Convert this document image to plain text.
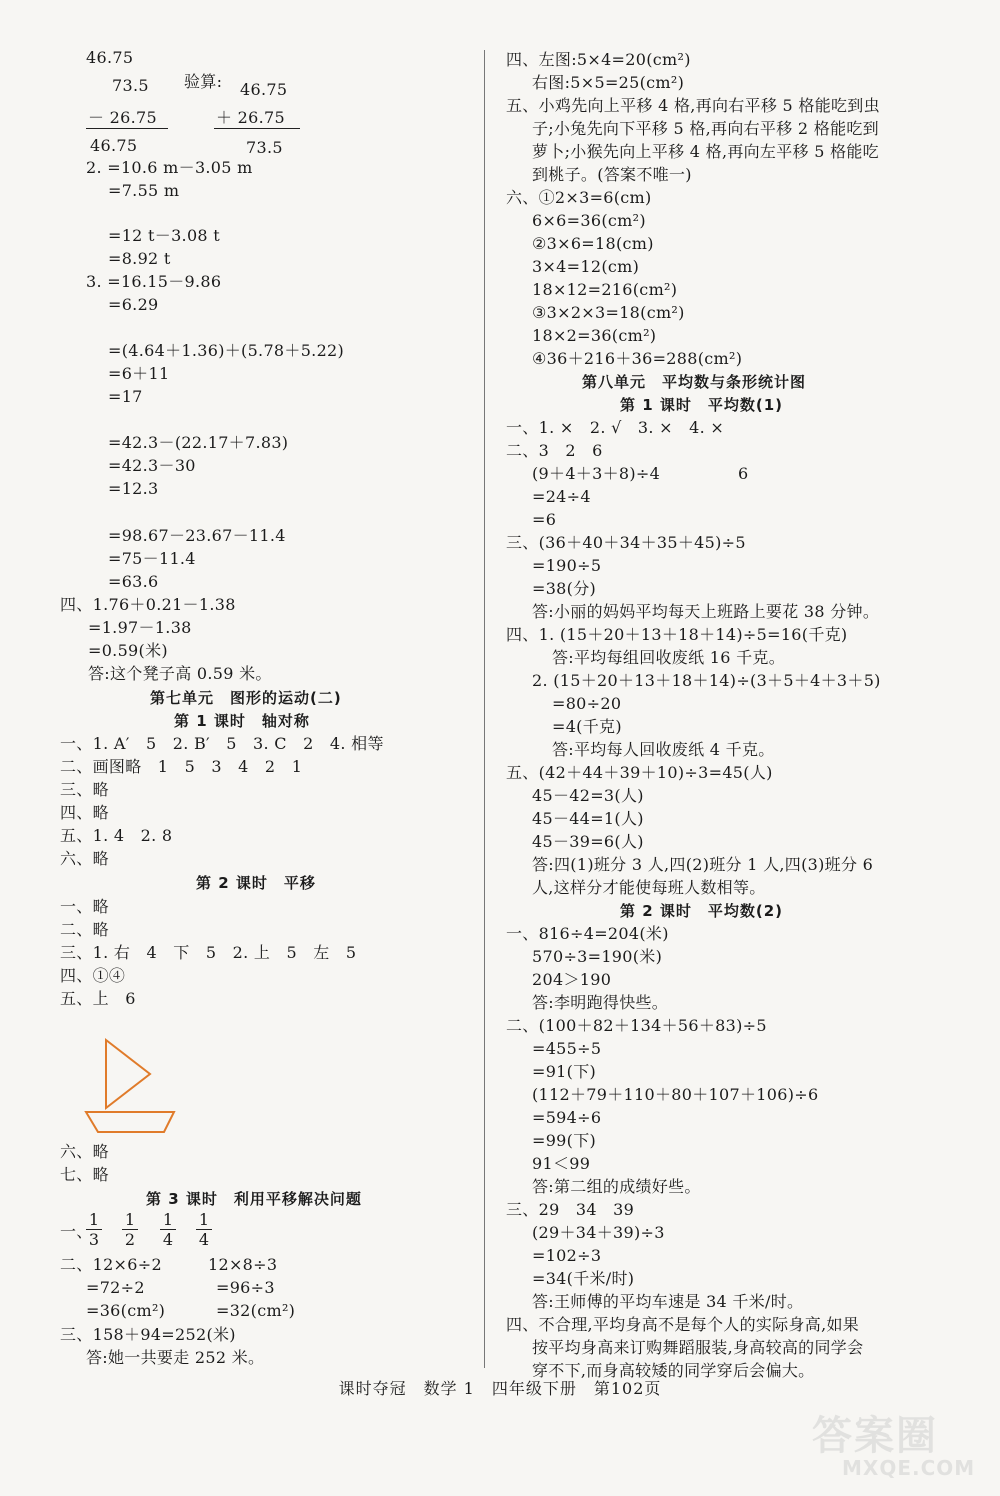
46.75
73.5 验算: 46.75
－ 26.75	＋ 26.75
46.75	73.5
2. =10.6 m－3.05 m
=7.55 m
=12 t－3.08 t
=8.92 t
3. =16.15－9.86
=6.29
=(4.64＋1.36)＋(5.78＋5.22)
=6＋11
=17
=42.3－(22.17＋7.83)
=42.3－30
=12.3
=98.67－23.67－11.4
=75－11.4
=63.6
四、1.76＋0.21－1.38
=1.97－1.38
=0.59(米)
答:这个凳子高 0.59 米。
第七单元　图形的运动(二)
第 1 课时　轴对称
一、1. A′　5　2. B′　5　3. C　2　4. 相等
二、画图略　1　5　3　4　2　1
三、略
四、略
五、1. 4　2. 8
六、略
第 2 课时　平移
一、略
二、略
三、1. 右　4　下　5　2. 上　5　左　5
四、①④
五、上　6
六、略
七、略
第 3 课时　利用平移解决问题
一、
$\frac{1}{3} \frac{1}{2} \frac{1}{4} \frac{1}{4}$
二、12×6÷2	12×8÷3
=72÷2	=96÷3
=36(cm²)	=32(cm²)
三、158＋94=252(米)
答:她一共要走 252 米。
四、左图:5×4=20(cm²)
右图:5×5=25(cm²)
五、小鸡先向上平移 4 格,再向右平移 5 格能吃到虫
子;小兔先向下平移 5 格,再向右平移 2 格能吃到
萝卜;小猴先向上平移 4 格,再向左平移 5 格能吃
到桃子。(答案不唯一)
六、①2×3=6(cm)
6×6=36(cm²)
②3×6=18(cm)
3×4=12(cm)
18×12=216(cm²)
③3×2×3=18(cm²)
18×2=36(cm²)
④36＋216＋36=288(cm²)
第八单元　平均数与条形统计图
第 1 课时　平均数(1)
一、1. ×　2. √　3. ×　4. ×
二、3　2　6
(9＋4＋3＋8)÷4	6
=24÷4
=6
三、(36＋40＋34＋35＋45)÷5
=190÷5
=38(分)
答:小丽的妈妈平均每天上班路上要花 38 分钟。
四、1. (15＋20＋13＋18＋14)÷5=16(千克)
答:平均每组回收废纸 16 千克。
2. (15＋20＋13＋18＋14)÷(3＋5＋4＋3＋5)
=80÷20
=4(千克)
答:平均每人回收废纸 4 千克。
五、(42＋44＋39＋10)÷3=45(人)
45－42=3(人)
45－44=1(人)
45－39=6(人)
答:四(1)班分 3 人,四(2)班分 1 人,四(3)班分 6
人,这样分才能使每班人数相等。
第 2 课时　平均数(2)
一、816÷4=204(米)
570÷3=190(米)
204＞190
答:李明跑得快些。
二、(100＋82＋134＋56＋83)÷5
=455÷5
=91(下)
(112＋79＋110＋80＋107＋106)÷6
=594÷6
=99(下)
91＜99
答:第二组的成绩好些。
三、29　34　39
(29＋34＋39)÷3
=102÷3
=34(千米/时)
答:王师傅的平均车速是 34 千米/时。
四、不合理,平均身高不是每个人的实际身高,如果
按平均身高来订购舞蹈服装,身高较高的同学会
穿不下,而身高较矮的同学穿后会偏大。
课时夺冠　数学 1　四年级下册　第102页
答案圈
MXQE.COM
